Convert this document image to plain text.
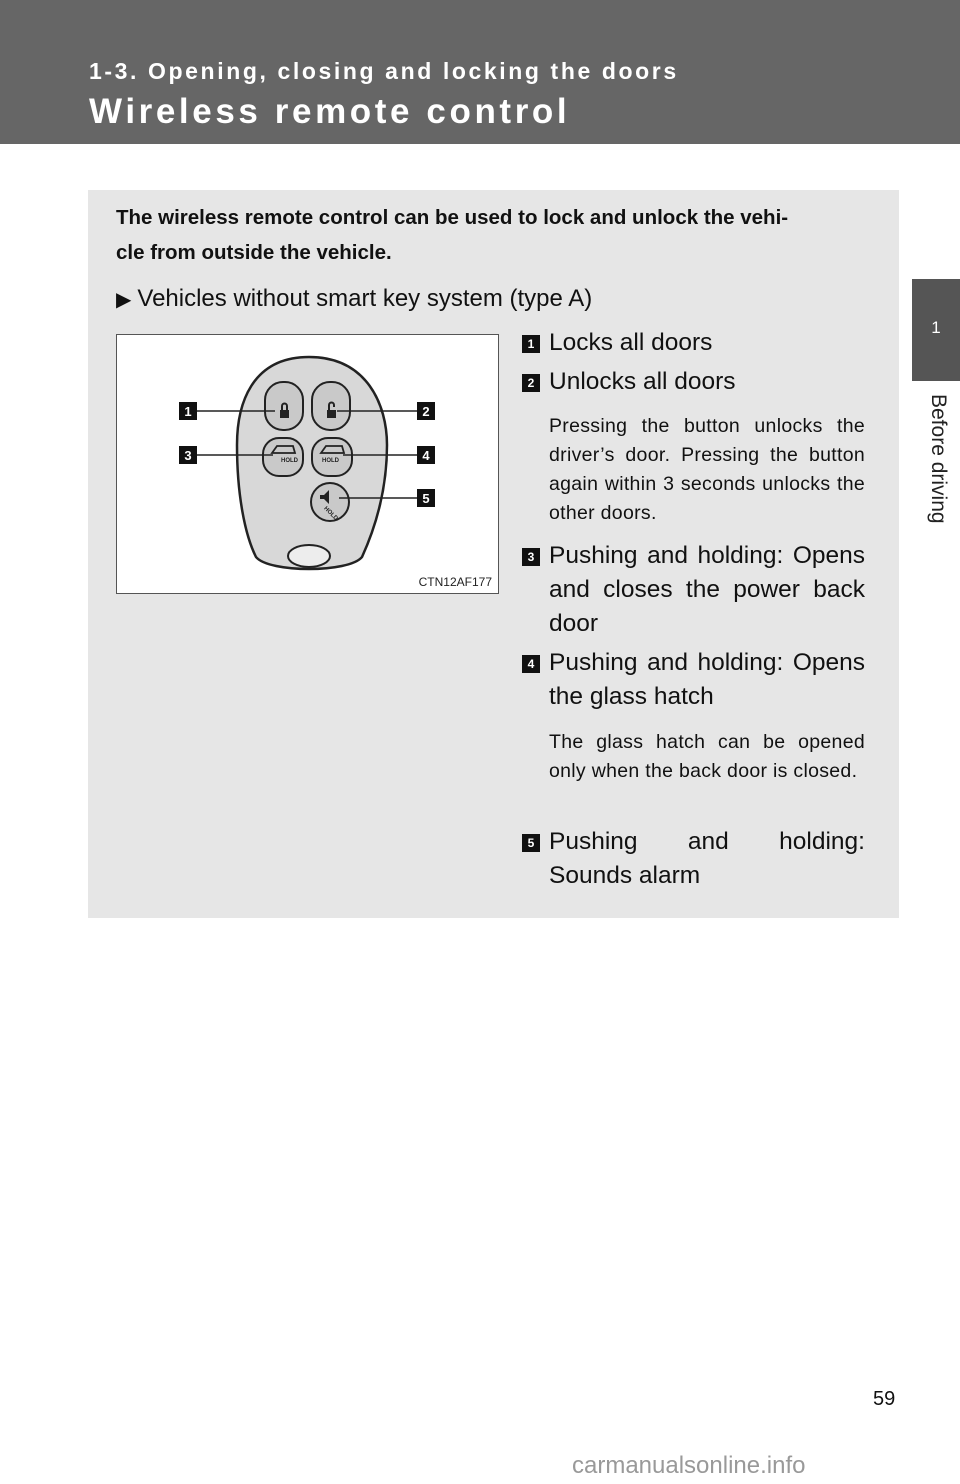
1-3. Opening, closing and locking the doors
Wireless remote control
1
Before driving
The wireless remote control can be used to lock and unlock the vehi-
cle from outside the vehicle.
▶ Vehicles without smart key system (type A)
HOLD	HOLD
HOLD
1	2
3	4
5
CTN12AF177
1 Locks all doors
2 Unlocks all doors
Pressing the button unlocks the driver’s door. Pressing the button again within 3 seconds unlocks the other doors.
3 Pushing and holding: Opens and closes the power back door
4 Pushing and holding: Opens the glass hatch
The glass hatch can be opened only when the back door is closed.
5 Pushing and holding: Sounds alarm
59
carmanualsonline.info
